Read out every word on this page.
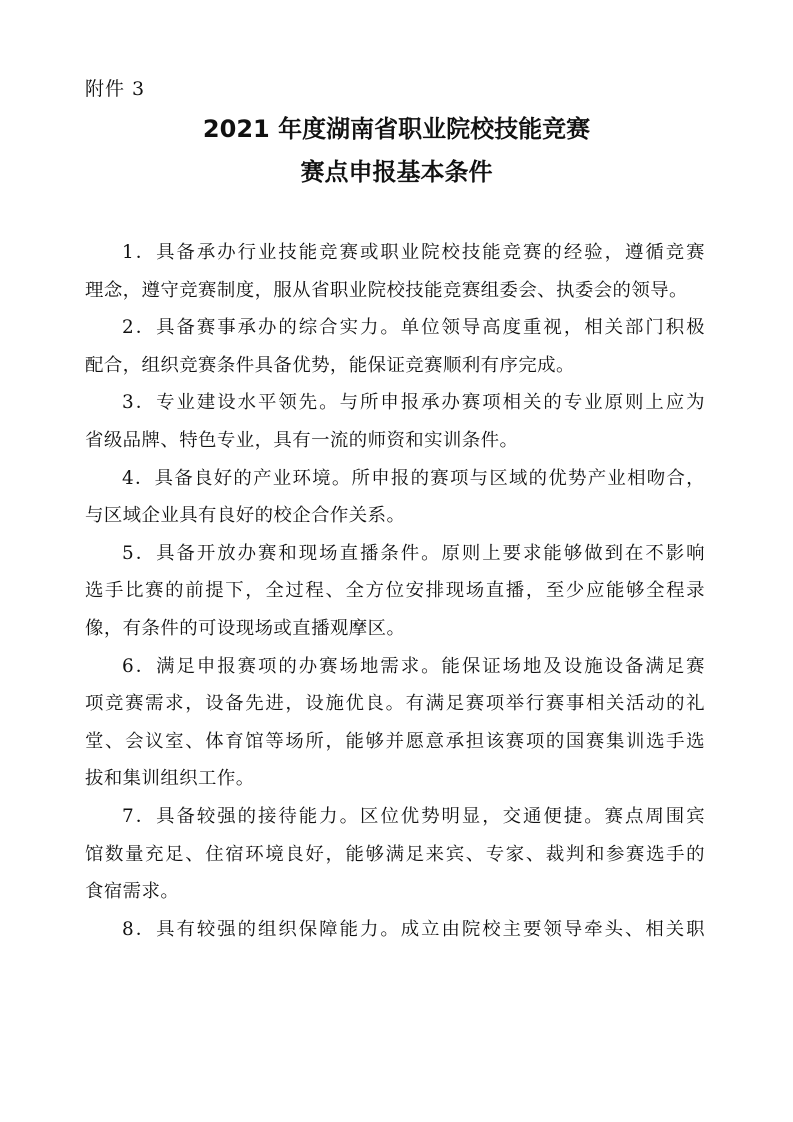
附件 3
2021 年度湖南省职业院校技能竞赛
赛点申报基本条件

1．具备承办行业技能竞赛或职业院校技能竞赛的经验，遵循竞赛
理念，遵守竞赛制度，服从省职业院校技能竞赛组委会、执委会的领导。

2．具备赛事承办的综合实力。单位领导高度重视，相关部门积极
配合，组织竞赛条件具备优势，能保证竞赛顺利有序完成。

3．专业建设水平领先。与所申报承办赛项相关的专业原则上应为
省级品牌、特色专业，具有一流的师资和实训条件。

4．具备良好的产业环境。所申报的赛项与区域的优势产业相吻合，
与区域企业具有良好的校企合作关系。

5．具备开放办赛和现场直播条件。原则上要求能够做到在不影响
选手比赛的前提下，全过程、全方位安排现场直播，至少应能够全程录
像，有条件的可设现场或直播观摩区。

6．满足申报赛项的办赛场地需求。能保证场地及设施设备满足赛
项竞赛需求，设备先进，设施优良。有满足赛项举行赛事相关活动的礼
堂、会议室、体育馆等场所，能够并愿意承担该赛项的国赛集训选手选
拔和集训组织工作。

7．具备较强的接待能力。区位优势明显，交通便捷。赛点周围宾
馆数量充足、住宿环境良好，能够满足来宾、专家、裁判和参赛选手的
食宿需求。

8．具有较强的组织保障能力。成立由院校主要领导牵头、相关职
